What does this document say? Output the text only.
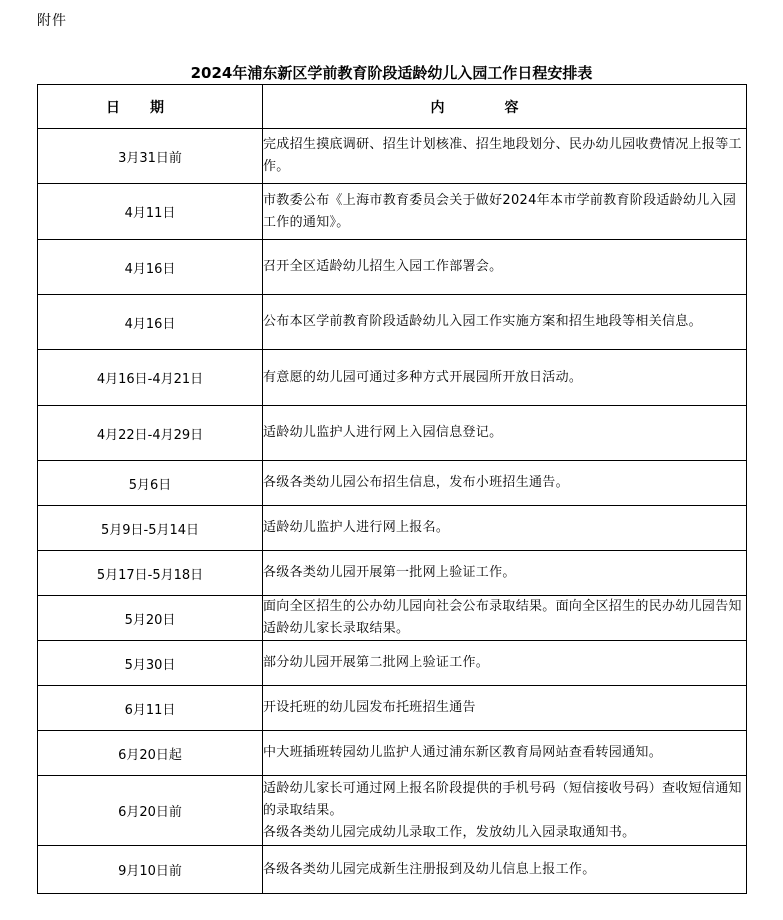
附件
2024年浦东新区学前教育阶段适龄幼儿入园工作日程安排表
日期	内容
3月31日前	完成招生摸底调研、招生计划核准、招生地段划分、民办幼儿园收费情况上报等工作。

4月11日	市教委公布《上海市教育委员会关于做好2024年本市学前教育阶段适龄幼儿入园工作的通知》。

4月16日	召开全区适龄幼儿招生入园工作部署会。

4月16日	公布本区学前教育阶段适龄幼儿入园工作实施方案和招生地段等相关信息。

4月16日-4月21日	有意愿的幼儿园可通过多种方式开展园所开放日活动。

4月22日-4月29日	适龄幼儿监护人进行网上入园信息登记。

5月6日	各级各类幼儿园公布招生信息，发布小班招生通告。

5月9日-5月14日	适龄幼儿监护人进行网上报名。

5月17日-5月18日	各级各类幼儿园开展第一批网上验证工作。

5月20日	面向全区招生的公办幼儿园向社会公布录取结果。面向全区招生的民办幼儿园告知适龄幼儿家长录取结果。

5月30日	部分幼儿园开展第二批网上验证工作。

6月11日	开设托班的幼儿园发布托班招生通告

6月20日起	中大班插班转园幼儿监护人通过浦东新区教育局网站查看转园通知。

6月20日前	适龄幼儿家长可通过网上报名阶段提供的手机号码（短信接收号码）查收短信通知的录取结果。
各级各类幼儿园完成幼儿录取工作，发放幼儿入园录取通知书。

9月10日前	各级各类幼儿园完成新生注册报到及幼儿信息上报工作。
